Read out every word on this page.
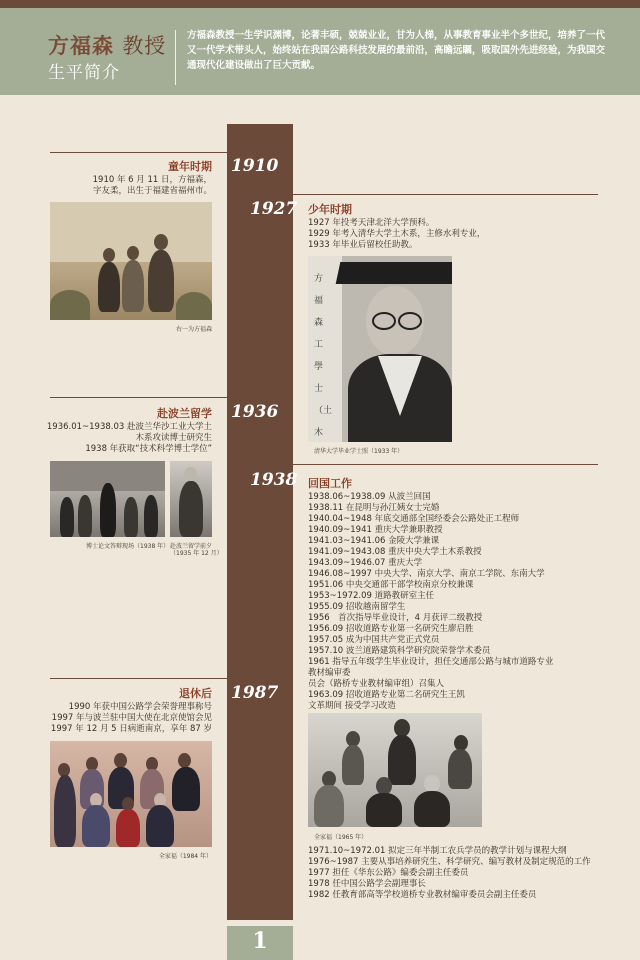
方福森 教授
生平简介
方福森教授一生学识渊博，论著丰硕，兢兢业业，甘为人梯，从事教育事业半个多世纪，培养了一代又一代学术带头人，始终站在我国公路科技发展的最前沿，高瞻远瞩，吸取国外先进经验，为我国交通现代化建设做出了巨大贡献。
1910
1927
1936
1938
1987
童年时期
1910 年 6 月 11 日，方福森，
字友柔，出生于福建省福州市。
右一为方福森
少年时期
1927 年投考天津北洋大学预科。
1929 年考入清华大学土木系，主修水利专业，
1933 年毕业后留校任助教。
方福森工學士（土木
清华大学毕业学士照（1933 年）
赴波兰留学
1936.01~1938.03 赴波兰华沙工业大学土
木系攻读博士研究生
1938 年获取“技术科学博士学位”
博士论文答辩现场（1938 年） 赴波兰留学前夕
（1935 年 12 月）
回国工作
1938.06~1938.09 从波兰回国
1938.11 在昆明与孙江姨女士完婚
1940.04~1948 年底交通部全国经委会公路处正工程师
1940.09~1941 重庆大学兼职教授
1941.03~1941.06 金陵大学兼课
1941.09~1943.08 重庆中央大学土木系教授
1943.09~1946.07 重庆大学
1946.08~1997 中央大学、南京大学、南京工学院、东南大学
1951.06 中央交通部干部学校南京分校兼课
1953~1972.09 道路教研室主任
1955.09 招收越南留学生
1956　首次指导毕业设计，4 月获评二级教授
1956.09 招收道路专业第一名研究生廖启胜
1957.05 成为中国共产党正式党员
1957.10 波兰道路建筑科学研究院荣誉学术委员
1961 指导五年级学生毕业设计，担任交通部公路与城市道路专业
教材编审委
员会（路桥专业教材编审组）召集人
1963.09 招收道路专业第二名研究生王凯
文革期间 接受学习改造
全家福（1965 年）
1971.10~1972.01 拟定三年半制工农兵学员的教学计划与课程大纲
1976~1987 主要从事培养研究生、科学研究、编写教材及制定规范的工作
1977 担任《华东公路》编委会副主任委员
1978 任中国公路学会副理事长
1982 任教育部高等学校道桥专业教材编审委员会副主任委员
退休后
1990 年获中国公路学会荣誉理事称号
1997 年与波兰驻中国大使在北京使馆会见
1997 年 12 月 5 日病逝南京，享年 87 岁
全家福（1984 年）
1
